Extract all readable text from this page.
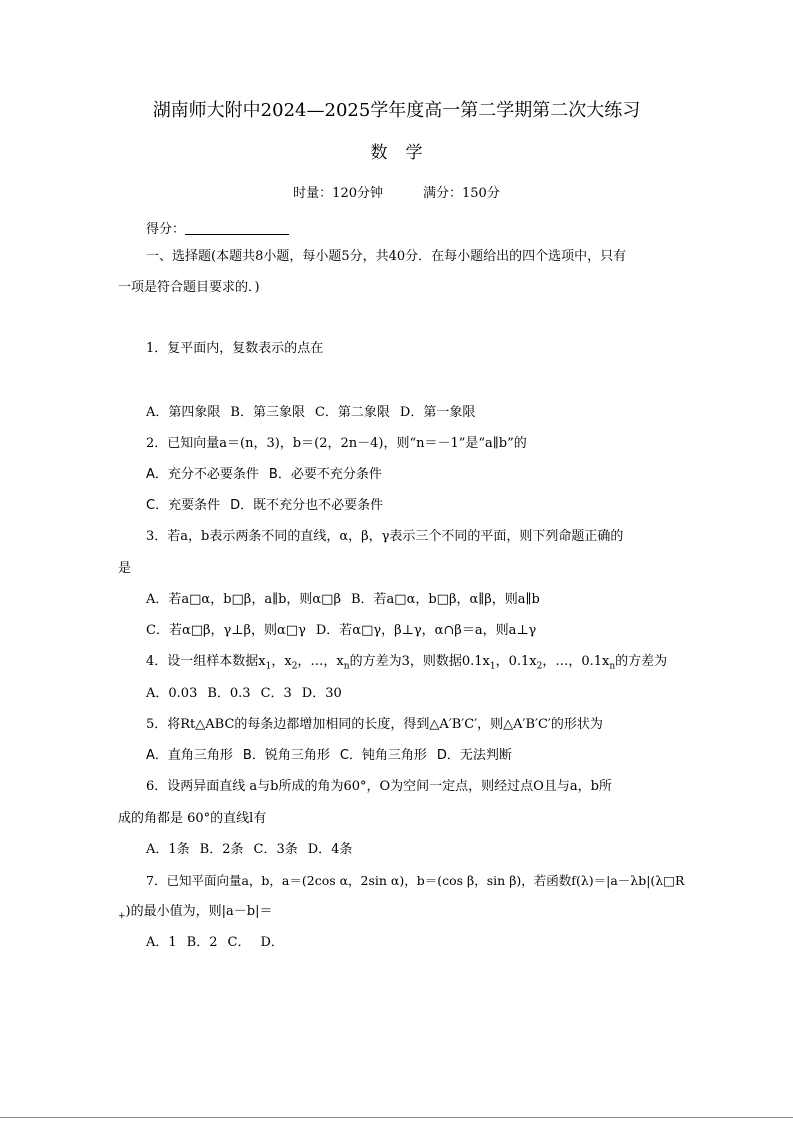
湖南师大附中2024—2025学年度高一第二学期第二次大练习
数学
时量：120分钟	满分：150分
得分：
一、选择题(本题共8小题，每小题5分，共40分．在每小题给出的四个选项中，只有
一项是符合题目要求的．)
1．复平面内，复数表示的点在
A．第四象限 B．第三象限 C．第二象限 D．第一象限
2．已知向量a＝(n，3)，b＝(2，2n－4)，则“n＝－1”是“a∥b”的
A．充分不必要条件 B．必要不充分条件
C．充要条件 D．既不充分也不必要条件
3．若a，b表示两条不同的直线，α，β，γ表示三个不同的平面，则下列命题正确的
是
A．若a□α，b□β，a∥b，则α□β B．若a□α，b□β，α∥β，则a∥b
C．若α□β，γ⊥β，则α□γ D．若α□γ，β⊥γ，α∩β＝a，则a⊥γ
4．设一组样本数据$x_1$，$x_2$，…，$x_n$的方差为3，则数据$0.1x_1$，$0.1x_2$，…，$0.1x_n$的方差为
A．0.03 B．0.3 C．3 D．30
5．将Rt△ABC的每条边都增加相同的长度，得到△A′B′C′，则△A′B′C′的形状为
A．直角三角形 B．锐角三角形 C．钝角三角形 D．无法判断
6．设两异面直线 a与b所成的角为60°，O为空间一定点，则经过点O且与a，b所
成的角都是 60°的直线l有
A．1条 B．2条 C．3条 D．4条
7．已知平面向量a，b，a＝(2cos α，2sin α)，b＝(cos β，sin β)，若函数f(λ)＝|a－λb|(λ□R
$_+$)的最小值为，则|a－b|＝
A．1 B．2 C． D．
